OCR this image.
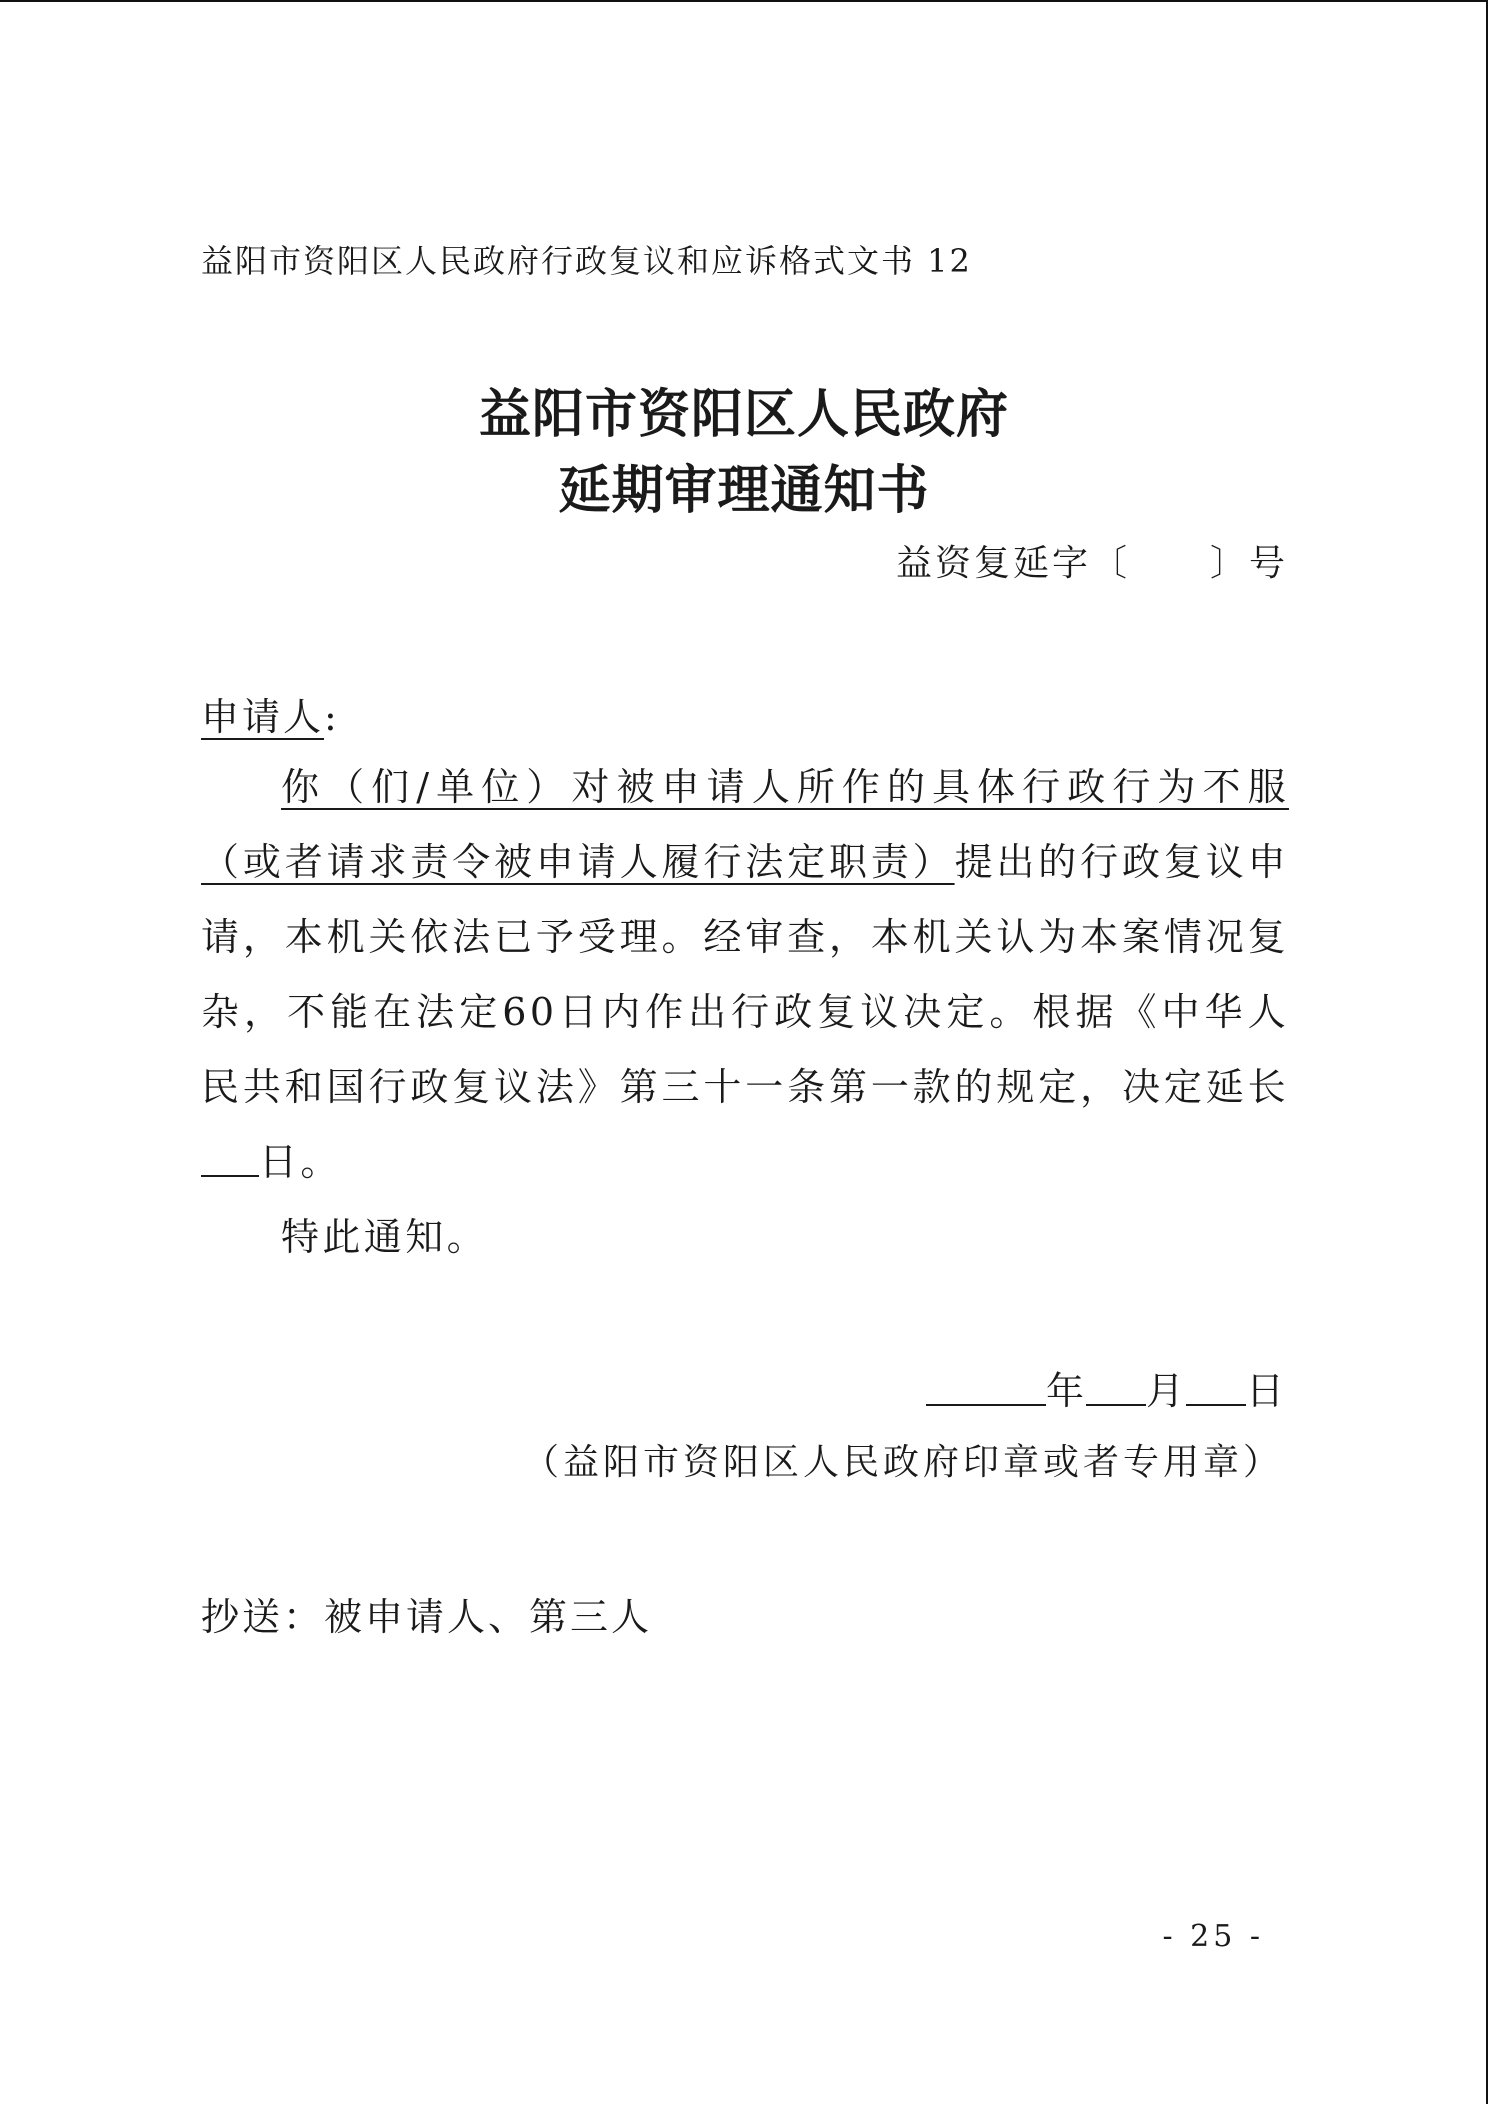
益阳市资阳区人民政府行政复议和应诉格式文书 12
益阳市资阳区人民政府
延期审理通知书
益资复延字〔 〕号
申请人:

你（们/单位）对被申请人所作的具体行政行为不服（或者请求责令被申请人履行法定职责）提出的行政复议申请，本机关依法已予受理。经审查，本机关认为本案情况复杂，不能在法定60日内作出行政复议决定。根据《中华人民共和国行政复议法》第三十一条第一款的规定，决定延长日。

特此通知。

年 月 日
（益阳市资阳区人民政府印章或者专用章）
抄送：被申请人、第三人
- 25 -
